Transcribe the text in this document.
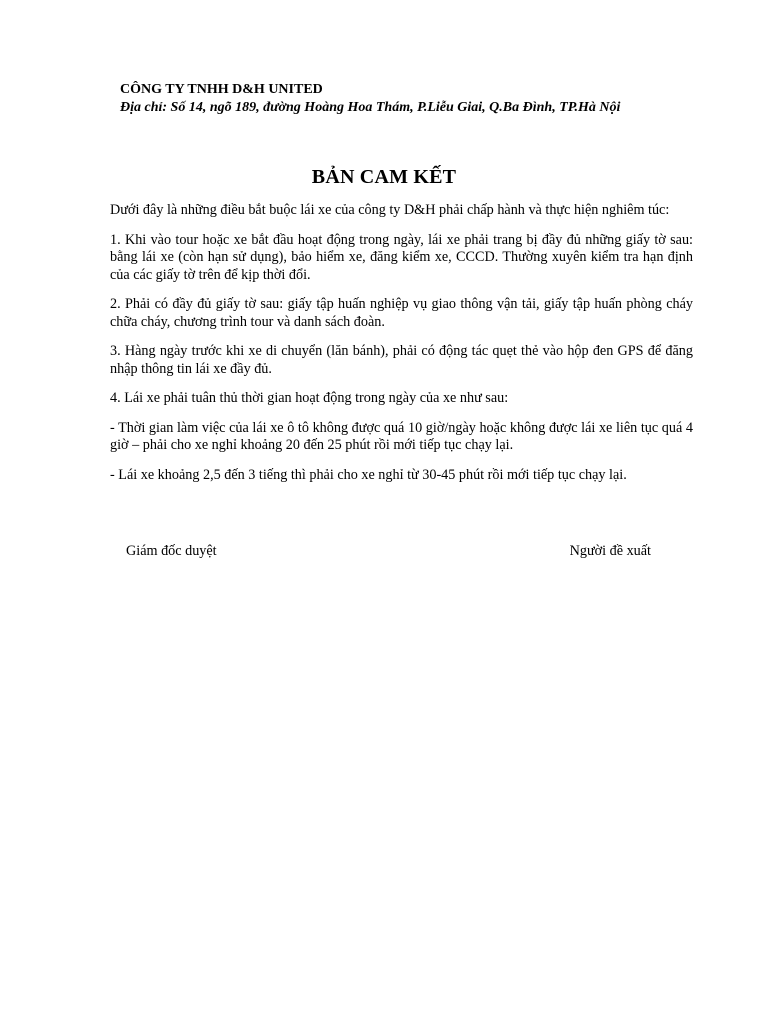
CÔNG TY TNHH D&H UNITED

Địa chỉ: Số 14, ngõ 189, đường Hoàng Hoa Thám, P.Liễu Giai, Q.Ba Đình, TP.Hà Nội

BẢN CAM KẾT

Dưới đây là những điều bắt buộc lái xe của công ty D&H phải chấp hành và thực hiện nghiêm túc:

1. Khi vào tour hoặc xe bắt đầu hoạt động trong ngày, lái xe phải trang bị đầy đủ những giấy tờ sau: bằng lái xe (còn hạn sử dụng), bảo hiểm xe, đăng kiểm xe, CCCD. Thường xuyên kiểm tra hạn định của các giấy tờ trên để kịp thời đổi.

2. Phải có đầy đủ giấy tờ sau: giấy tập huấn nghiệp vụ giao thông vận tải, giấy tập huấn phòng cháy chữa cháy, chương trình tour và danh sách đoàn.

3. Hàng ngày trước khi xe di chuyển (lăn bánh), phải có động tác quẹt thẻ vào hộp đen GPS để đăng nhập thông tin lái xe đầy đủ.

4. Lái xe phải tuân thủ thời gian hoạt động trong ngày của xe như sau:

- Thời gian làm việc của lái xe ô tô không được quá 10 giờ/ngày hoặc không được lái xe liên tục quá 4 giờ – phải cho xe nghỉ khoảng 20 đến 25 phút rồi mới tiếp tục chạy lại.

- Lái xe khoảng 2,5 đến 3 tiếng thì phải cho xe nghỉ từ 30-45 phút rồi mới tiếp tục chạy lại.

Giám đốc duyệt	Người đề xuất
